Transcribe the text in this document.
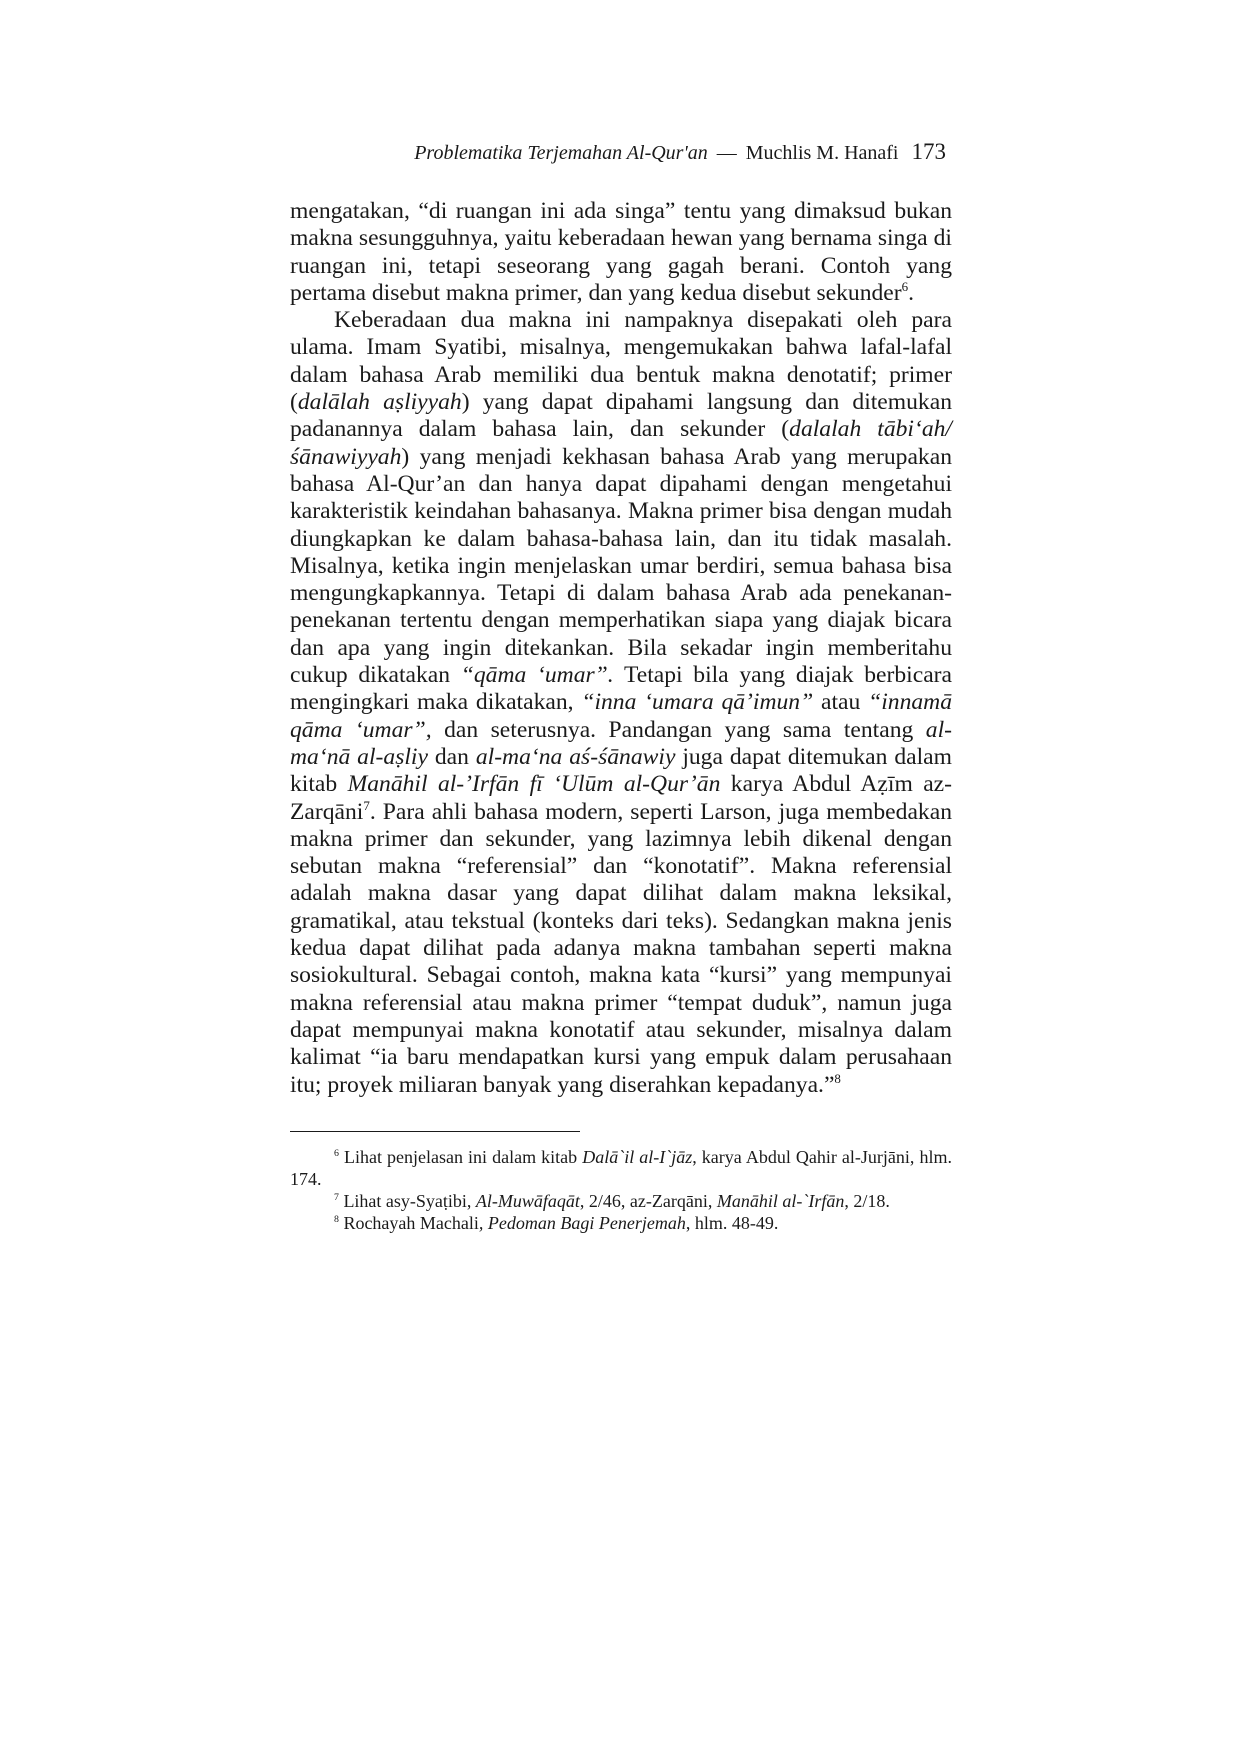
Problematika Terjemahan Al-Qur'an — Muchlis M. Hanafi 173

mengatakan, “di ruangan ini ada singa” tentu yang dimaksud bukan makna sesungguhnya, yaitu keberadaan hewan yang bernama singa di ruangan ini, tetapi seseorang yang gagah berani. Contoh yang pertama disebut makna primer, dan yang kedua disebut sekunder$^6$.

Keberadaan dua makna ini nampaknya disepakati oleh para ulama. Imam Syatibi, misalnya, mengemukakan bahwa lafal-lafal dalam bahasa Arab memiliki dua bentuk makna denotatif; primer (dalālah aṣliyyah) yang dapat dipahami langsung dan ditemukan padanannya dalam bahasa lain, dan sekunder (dalalah tābi‘ah/ śānawiyyah) yang menjadi kekhasan bahasa Arab yang merupakan bahasa Al-Qur’an dan hanya dapat dipahami dengan mengetahui karakteristik keindahan bahasanya. Makna primer bisa dengan mudah diungkapkan ke dalam bahasa-bahasa lain, dan itu tidak masalah. Misalnya, ketika ingin menjelaskan umar berdiri, semua bahasa bisa mengungkapkannya. Tetapi di dalam bahasa Arab ada penekanan-penekanan tertentu dengan memperhatikan siapa yang diajak bicara dan apa yang ingin ditekankan. Bila sekadar ingin memberitahu cukup dikatakan “qāma ‘umar”. Tetapi bila yang diajak berbicara mengingkari maka dikatakan, “inna ‘umara qā’imun” atau “innamā qāma ‘umar”, dan seterusnya. Pandangan yang sama tentang al-ma‘nā al-aṣliy dan al-ma‘na aś-śānawiy juga dapat ditemukan dalam kitab Manāhil al-’Irfān fī ‘Ulūm al-Qur’ān karya Abdul Aẓīm az-Zarqāni$^7$. Para ahli bahasa modern, seperti Larson, juga membedakan makna primer dan sekunder, yang lazimnya lebih dikenal dengan sebutan makna “referensial” dan “konotatif”. Makna referensial adalah makna dasar yang dapat dilihat dalam makna leksikal, gramatikal, atau tekstual (konteks dari teks). Sedangkan makna jenis kedua dapat dilihat pada adanya makna tambahan seperti makna sosiokultural. Sebagai contoh, makna kata “kursi” yang mempunyai makna referensial atau makna primer “tempat duduk”, namun juga dapat mempunyai makna konotatif atau sekunder, misalnya dalam kalimat “ia baru mendapatkan kursi yang empuk dalam perusahaan itu; proyek miliaran banyak yang diserahkan kepadanya.”$^8$

$^6$ Lihat penjelasan ini dalam kitab Dalā`il al-I`jāz, karya Abdul Qahir al-Jurjāni, hlm. 174.

$^7$ Lihat asy-Syaṭibi, Al-Muwāfaqāt, 2/46, az-Zarqāni, Manāhil al-`Irfān, 2/18.

$^8$ Rochayah Machali, Pedoman Bagi Penerjemah, hlm. 48-49.
